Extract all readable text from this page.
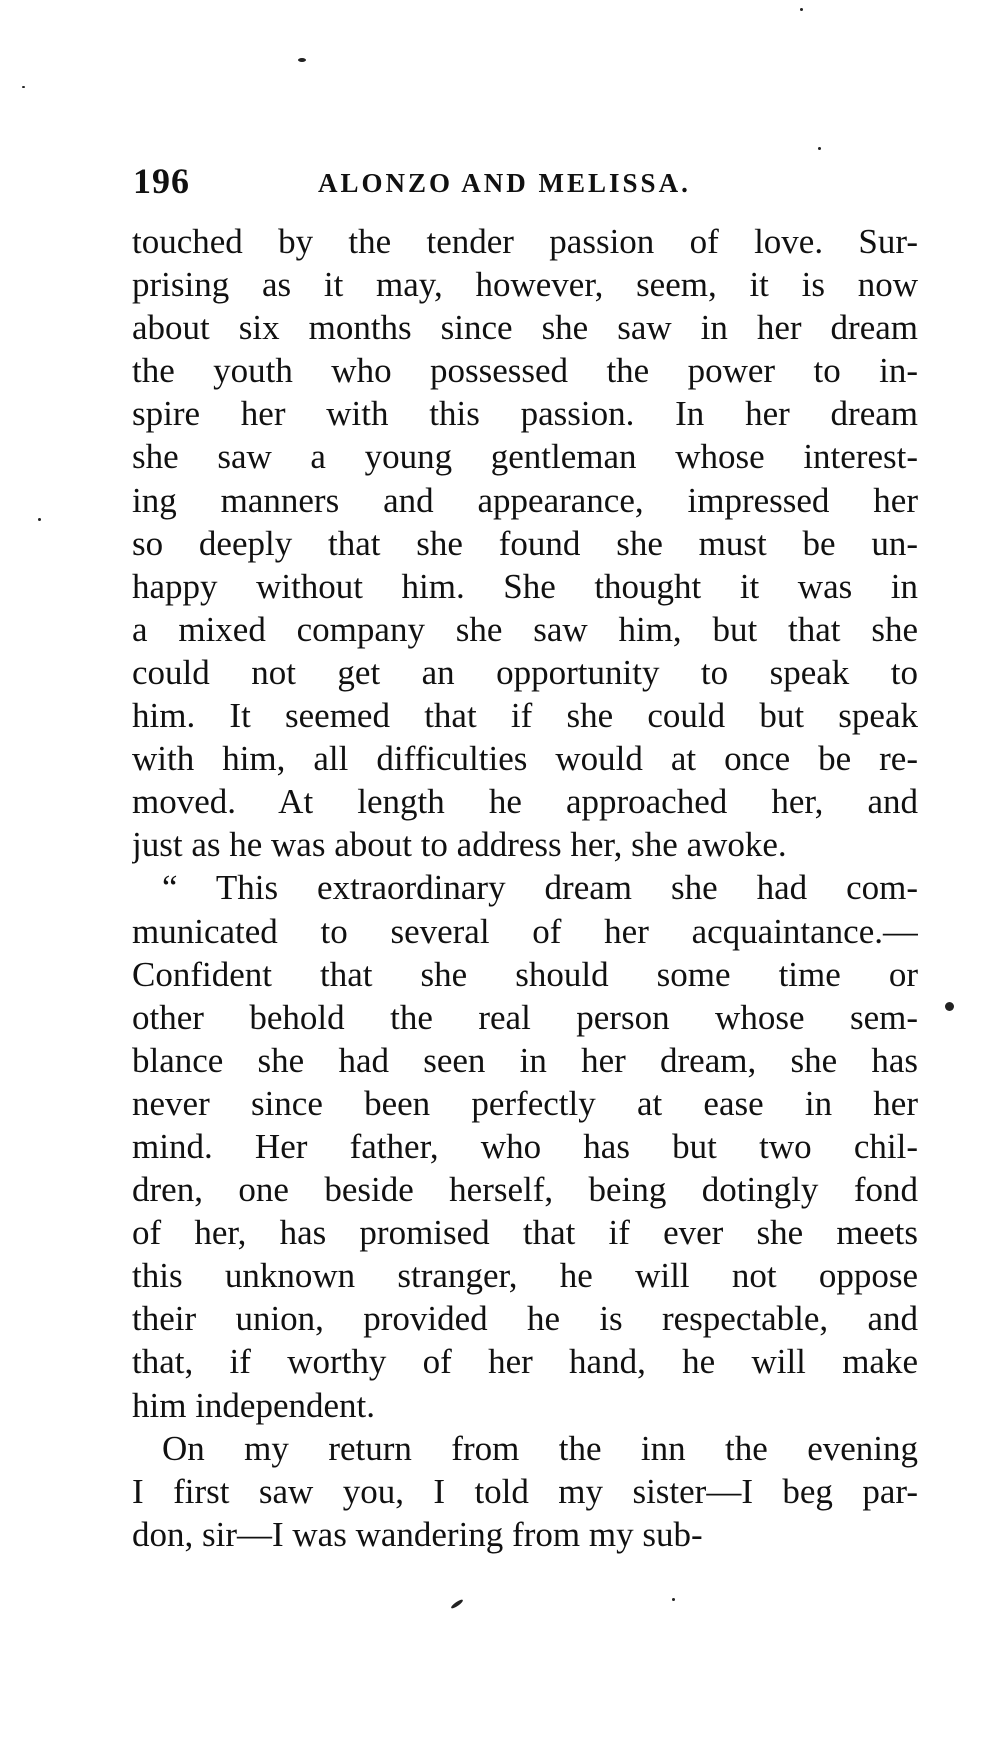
196	ALONZO AND MELISSA.
touched by the tender passion of love. Sur-
prising as it may, however, seem, it is now
about six months since she saw in her dream
the youth who possessed the power to in-
spire her with this passion. In her dream
she saw a young gentleman whose interest-
ing manners and appearance, impressed her
so deeply that she found she must be un-
happy without him. She thought it was in
a mixed company she saw him, but that she
could not get an opportunity to speak to
him. It seemed that if she could but speak
with him, all difficulties would at once be re-
moved. At length he approached her, and
just as he was about to address her, she awoke.
“ This extraordinary dream she had com-
municated to several of her acquaintance.—
Confident that she should some time or
other behold the real person whose sem-
blance she had seen in her dream, she has
never since been perfectly at ease in her
mind. Her father, who has but two chil-
dren, one beside herself, being dotingly fond
of her, has promised that if ever she meets
this unknown stranger, he will not oppose
their union, provided he is respectable, and
that, if worthy of her hand, he will make
him independent.
On my return from the inn the evening
I first saw you, I told my sister—I beg par-
don, sir—I was wandering from my sub-
